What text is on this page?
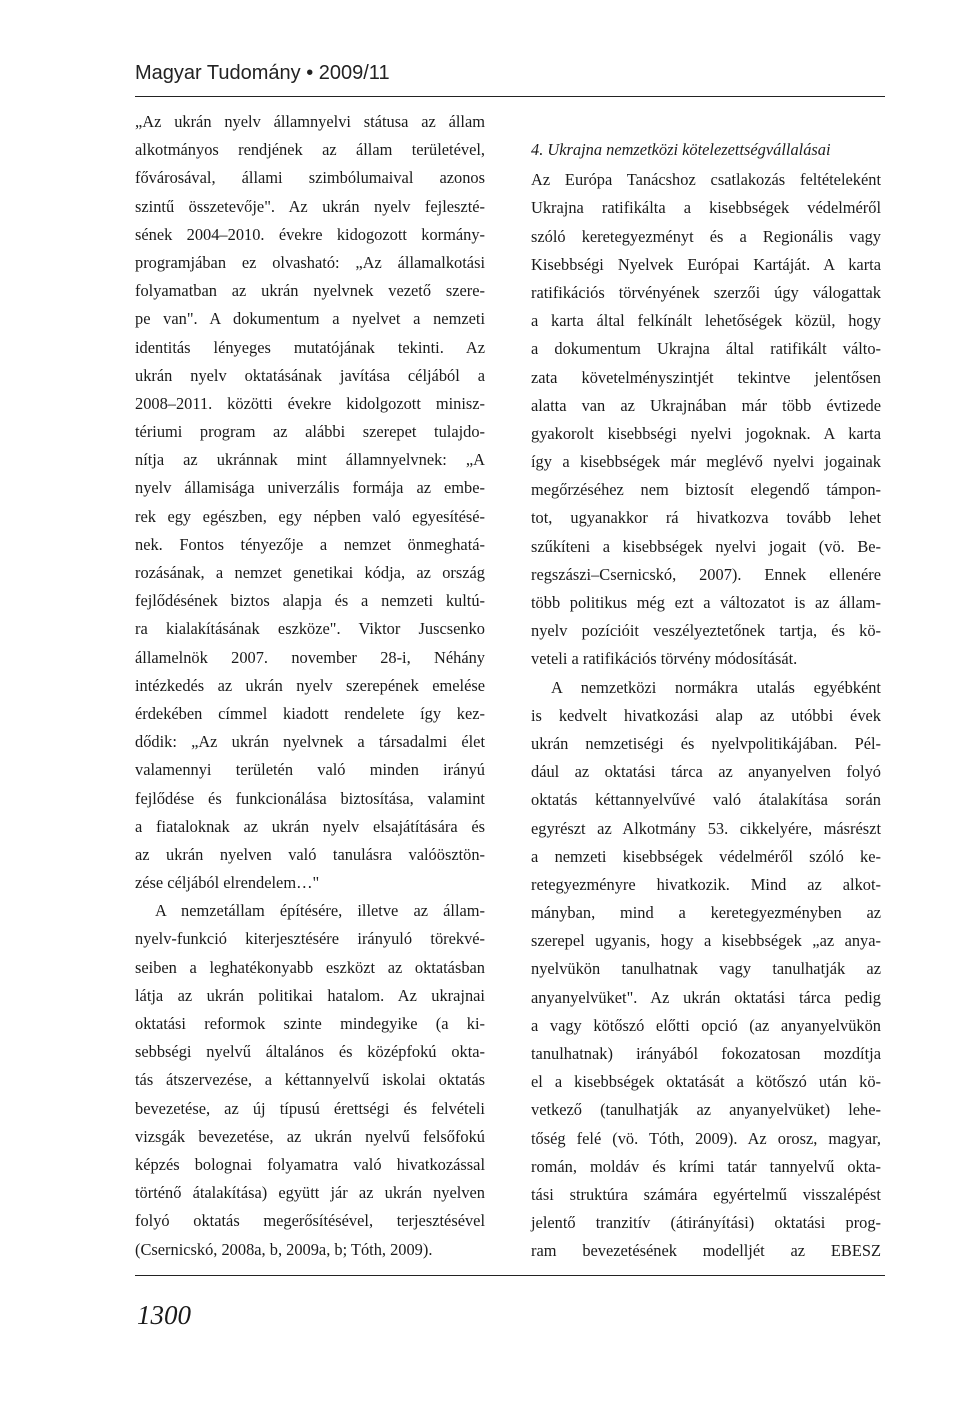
Magyar Tudomány • 2009/11
„Az ukrán nyelv államnyelvi státusa az állam
alkotmányos rendjének az állam területével,
fővárosával, állami szimbólumaival azonos
szintű összetevője". Az ukrán nyelv fejleszté-
sének 2004–2010. évekre kidogozott kormány-
programjában ez olvasható: „Az államalkotási
folyamatban az ukrán nyelvnek vezető szere-
pe van". A dokumentum a nyelvet a nemzeti
identitás lényeges mutatójának tekinti. Az
ukrán nyelv oktatásának javítása céljából a
2008–2011. közötti évekre kidolgozott minisz-
tériumi program az alábbi szerepet tulajdo-
nítja az ukránnak mint államnyelvnek: „A
nyelv államisága univerzális formája az embe-
rek egy egészben, egy népben való egyesítésé-
nek. Fontos tényezője a nemzet önmeghatá-
rozásának, a nemzet genetikai kódja, az ország
fejlődésének biztos alapja és a nemzeti kultú-
ra kialakításának eszköze". Viktor Juscsenko
államelnök 2007. november 28-i, Néhány
intézkedés az ukrán nyelv szerepének emelése
érdekében címmel kiadott rendelete így kez-
dődik: „Az ukrán nyelvnek a társadalmi élet
valamennyi területén való minden irányú
fejlődése és funkcionálása biztosítása, valamint
a fiataloknak az ukrán nyelv elsajátítására és
az ukrán nyelven való tanulásra valóösztön-
zése céljából elrendelem…"
A nemzetállam építésére, illetve az állam-
nyelv-funkció kiterjesztésére irányuló törekvé-
seiben a leghatékonyabb eszközt az oktatásban
látja az ukrán politikai hatalom. Az ukrajnai
oktatási reformok szinte mindegyike (a ki-
sebbségi nyelvű általános és középfokú okta-
tás átszervezése, a kéttannyelvű iskolai oktatás
bevezetése, az új típusú érettségi és felvételi
vizsgák bevezetése, az ukrán nyelvű felsőfokú
képzés bolognai folyamatra való hivatkozással
történő átalakítása) együtt jár az ukrán nyelven
folyó oktatás megerősítésével, terjesztésével
(Csernicskó, 2008a, b, 2009a, b; Tóth, 2009).
4. Ukrajna nemzetközi kötelezettségvállalásai
Az Európa Tanácshoz csatlakozás feltételeként
Ukrajna ratifikálta a kisebbségek védelméről
szóló keretegyezményt és a Regionális vagy
Kisebbségi Nyelvek Európai Kartáját. A karta
ratifikációs törvényének szerzői úgy válogattak
a karta által felkínált lehetőségek közül, hogy
a dokumentum Ukrajna által ratifikált válto-
zata követelményszintjét tekintve jelentősen
alatta van az Ukrajnában már több évtizede
gyakorolt kisebbségi nyelvi jogoknak. A karta
így a kisebbségek már meglévő nyelvi jogainak
megőrzéséhez nem biztosít elegendő támpon-
tot, ugyanakkor rá hivatkozva tovább lehet
szűkíteni a kisebbségek nyelvi jogait (vö. Be-
regszászi–Csernicskó, 2007). Ennek ellenére
több politikus még ezt a változatot is az állam-
nyelv pozícióit veszélyeztetőnek tartja, és kö-
veteli a ratifikációs törvény módosítását.
A nemzetközi normákra utalás egyébként
is kedvelt hivatkozási alap az utóbbi évek
ukrán nemzetiségi és nyelvpolitikájában. Pél-
dául az oktatási tárca az anyanyelven folyó
oktatás kéttannyelvűvé való átalakítása során
egyrészt az Alkotmány 53. cikkelyére, másrészt
a nemzeti kisebbségek védelméről szóló ke-
retegyezményre hivatkozik. Mind az alkot-
mányban, mind a keretegyezményben az
szerepel ugyanis, hogy a kisebbségek „az anya-
nyelvükön tanulhatnak vagy tanulhatják az
anyanyelvüket". Az ukrán oktatási tárca pedig
a vagy kötőszó előtti opció (az anyanyelvükön
tanulhatnak) irányából fokozatosan mozdítja
el a kisebbségek oktatását a kötőszó után kö-
vetkező (tanulhatják az anyanyelvüket) lehe-
tőség felé (vö. Tóth, 2009). Az orosz, magyar,
román, moldáv és krími tatár tannyelvű okta-
tási struktúra számára egyértelmű visszalépést
jelentő tranzitív (átirányítási) oktatási prog-
ram bevezetésének modelljét az EBESZ
1300
